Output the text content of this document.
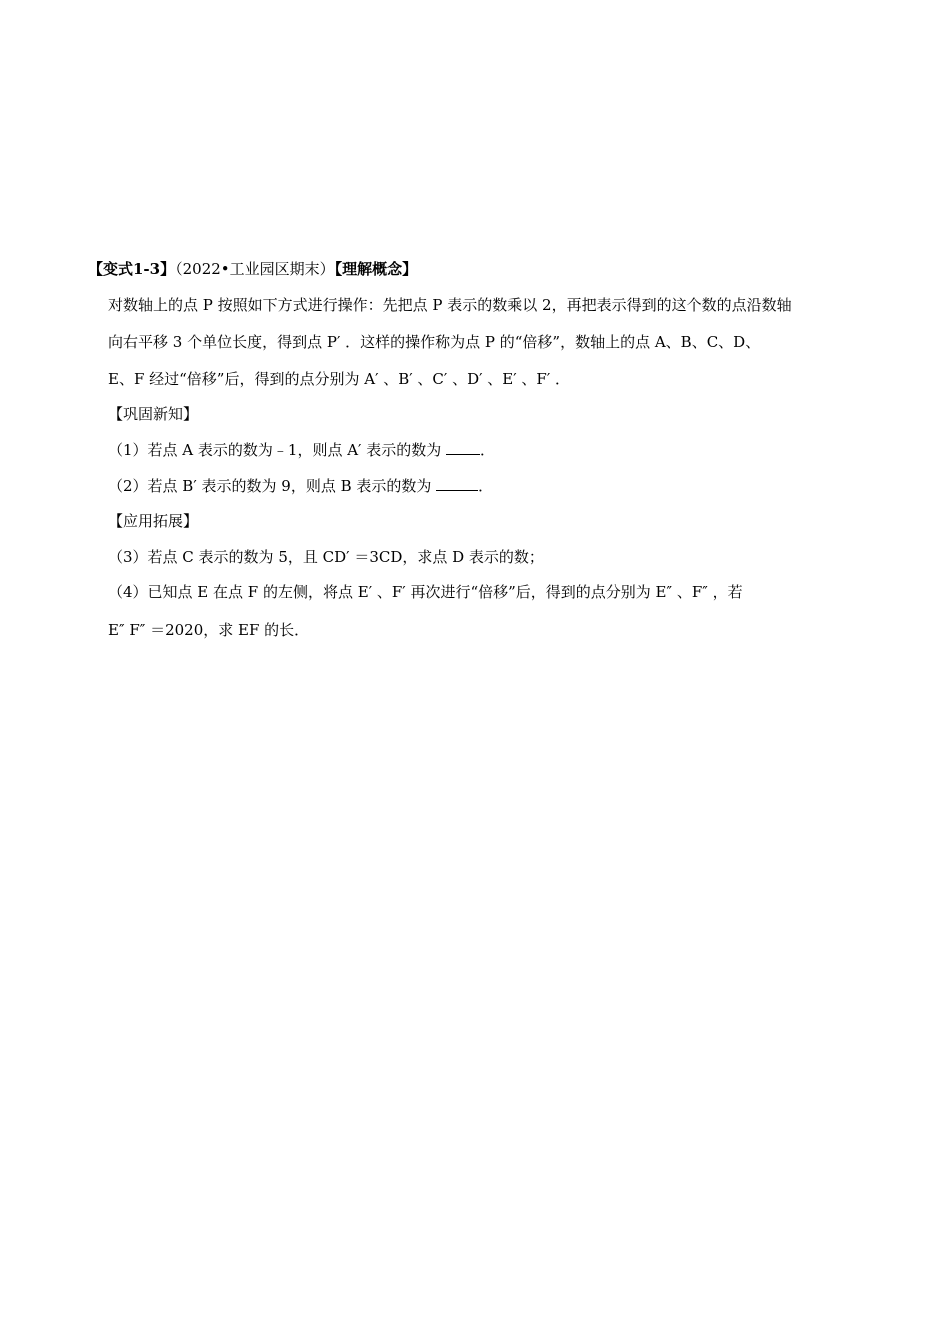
【变式1-3】（2022•工业园区期末）【理解概念】
对数轴上的点 P 按照如下方式进行操作：先把点 P 表示的数乘以 2，再把表示得到的这个数的点沿数轴
向右平移 3 个单位长度，得到点 P′ ．这样的操作称为点 P 的“倍移”，数轴上的点 A、B、C、D、
E、F 经过“倍移”后，得到的点分别为 A′ 、B′ 、C′ 、D′ 、E′ 、F′ ．
【巩固新知】
（1）若点 A 表示的数为﹣1，则点 A′ 表示的数为	．
（2）若点 B′ 表示的数为 9，则点 B 表示的数为	．
【应用拓展】
（3）若点 C 表示的数为 5，且 CD′ ＝3CD，求点 D 表示的数；
（4）已知点 E 在点 F 的左侧，将点 E′ 、F′ 再次进行“倍移”后，得到的点分别为 E″ 、F″ ，若
E″ F″ ＝2020，求 EF 的长．
